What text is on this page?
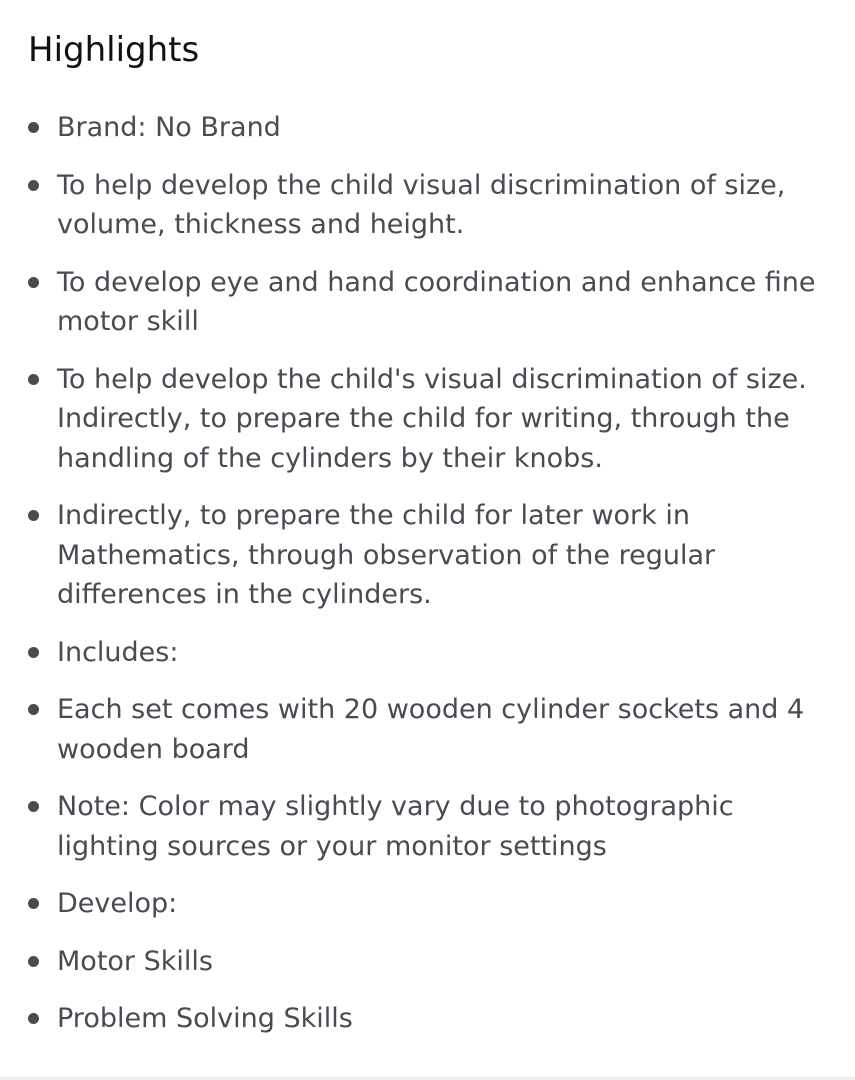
Highlights
Brand: No Brand
To help develop the child visual discrimination of size, volume, thickness and height.
To develop eye and hand coordination and enhance fine motor skill
To help develop the child's visual discrimination of size. Indirectly, to prepare the child for writing, through the handling of the cylinders by their knobs.
Indirectly, to prepare the child for later work in Mathematics, through observation of the regular differences in the cylinders.
Includes:
Each set comes with 20 wooden cylinder sockets and 4 wooden board
Note: Color may slightly vary due to photographic lighting sources or your monitor settings
Develop:
Motor Skills
Problem Solving Skills
